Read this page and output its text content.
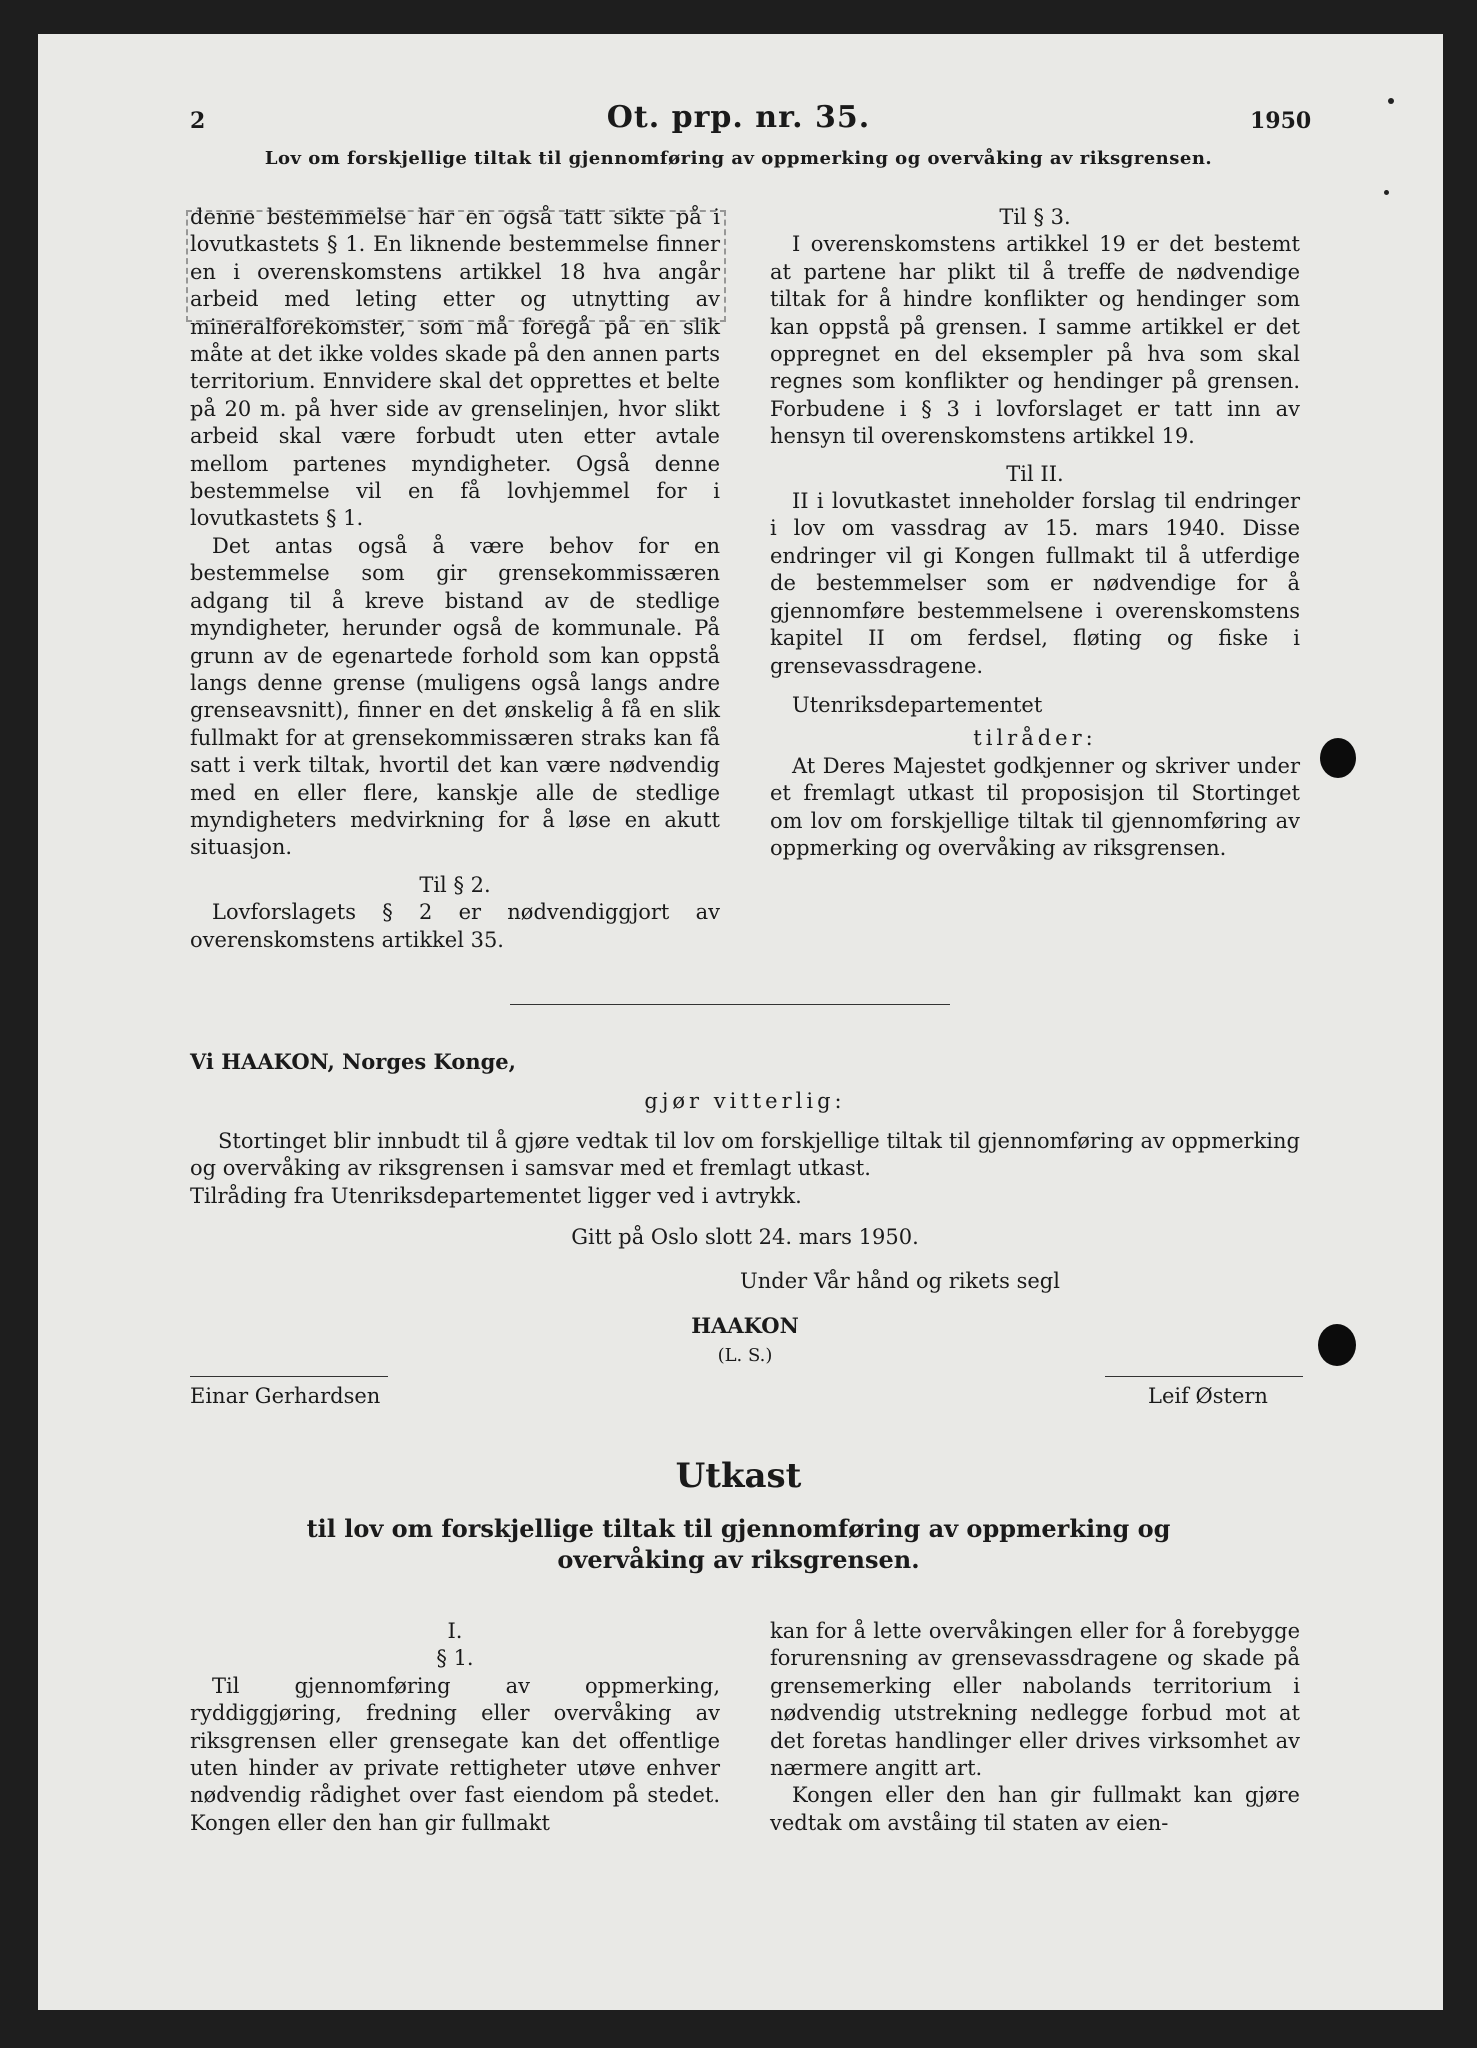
2	Ot. prp. nr. 35.	1950
Lov om forskjellige tiltak til gjennomføring av oppmerking og overvåking av riksgrensen.

denne bestemmelse har en også tatt sikte på i lovutkastets § 1. En liknende bestemmelse finner en i overenskomstens artikkel 18 hva angår arbeid med leting etter og utnytting av mineralforekomster, som må foregå på en slik måte at det ikke voldes skade på den annen parts territorium. Ennvidere skal det opprettes et belte på 20 m. på hver side av grenselinjen, hvor slikt arbeid skal være forbudt uten etter avtale mellom partenes myndigheter. Også denne bestemmelse vil en få lovhjemmel for i lovutkastets § 1.

Det antas også å være behov for en bestemmelse som gir grensekommissæren adgang til å kreve bistand av de stedlige myndigheter, herunder også de kommunale. På grunn av de egenartede forhold som kan oppstå langs denne grense (muligens også langs andre grenseavsnitt), finner en det ønskelig å få en slik fullmakt for at grensekommissæren straks kan få satt i verk tiltak, hvortil det kan være nødvendig med en eller flere, kanskje alle de stedlige myndigheters medvirkning for å løse en akutt situasjon.

Til § 2.

Lovforslagets § 2 er nødvendiggjort av overenskomstens artikkel 35.

Til § 3.

I overenskomstens artikkel 19 er det bestemt at partene har plikt til å treffe de nødvendige tiltak for å hindre konflikter og hendinger som kan oppstå på grensen. I samme artikkel er det oppregnet en del eksempler på hva som skal regnes som konflikter og hendinger på grensen. Forbudene i § 3 i lovforslaget er tatt inn av hensyn til overenskomstens artikkel 19.

Til II.

II i lovutkastet inneholder forslag til endringer i lov om vassdrag av 15. mars 1940. Disse endringer vil gi Kongen fullmakt til å utferdige de bestemmelser som er nødvendige for å gjennomføre bestemmelsene i overenskomstens kapitel II om ferdsel, fløting og fiske i grensevassdragene.

Utenriksdepartementet

tilråder:

At Deres Majestet godkjenner og skriver under et fremlagt utkast til proposisjon til Stortinget om lov om forskjellige tiltak til gjennomføring av oppmerking og overvåking av riksgrensen.

Vi HAAKON, Norges Konge,
gjør vitterlig:
Stortinget blir innbudt til å gjøre vedtak til lov om forskjellige tiltak til gjennomføring av oppmerking og overvåking av riksgrensen i samsvar med et fremlagt utkast.
Tilråding fra Utenriksdepartementet ligger ved i avtrykk.
Gitt på Oslo slott 24. mars 1950.
Under Vår hånd og rikets segl
HAAKON
(L. S.)
Einar Gerhardsen	Leif Østern
Utkast
til lov om forskjellige tiltak til gjennomføring av oppmerking og overvåking av riksgrensen.

I.

§ 1.

Til gjennomføring av oppmerking, ryddiggjøring, fredning eller overvåking av riksgrensen eller grensegate kan det offentlige uten hinder av private rettigheter utøve enhver nødvendig rådighet over fast eiendom på stedet. Kongen eller den han gir fullmakt

kan for å lette overvåkingen eller for å forebygge forurensning av grensevassdragene og skade på grensemerking eller nabolands territorium i nødvendig utstrekning nedlegge forbud mot at det foretas handlinger eller drives virksomhet av nærmere angitt art.

Kongen eller den han gir fullmakt kan gjøre vedtak om avståing til staten av eien-
